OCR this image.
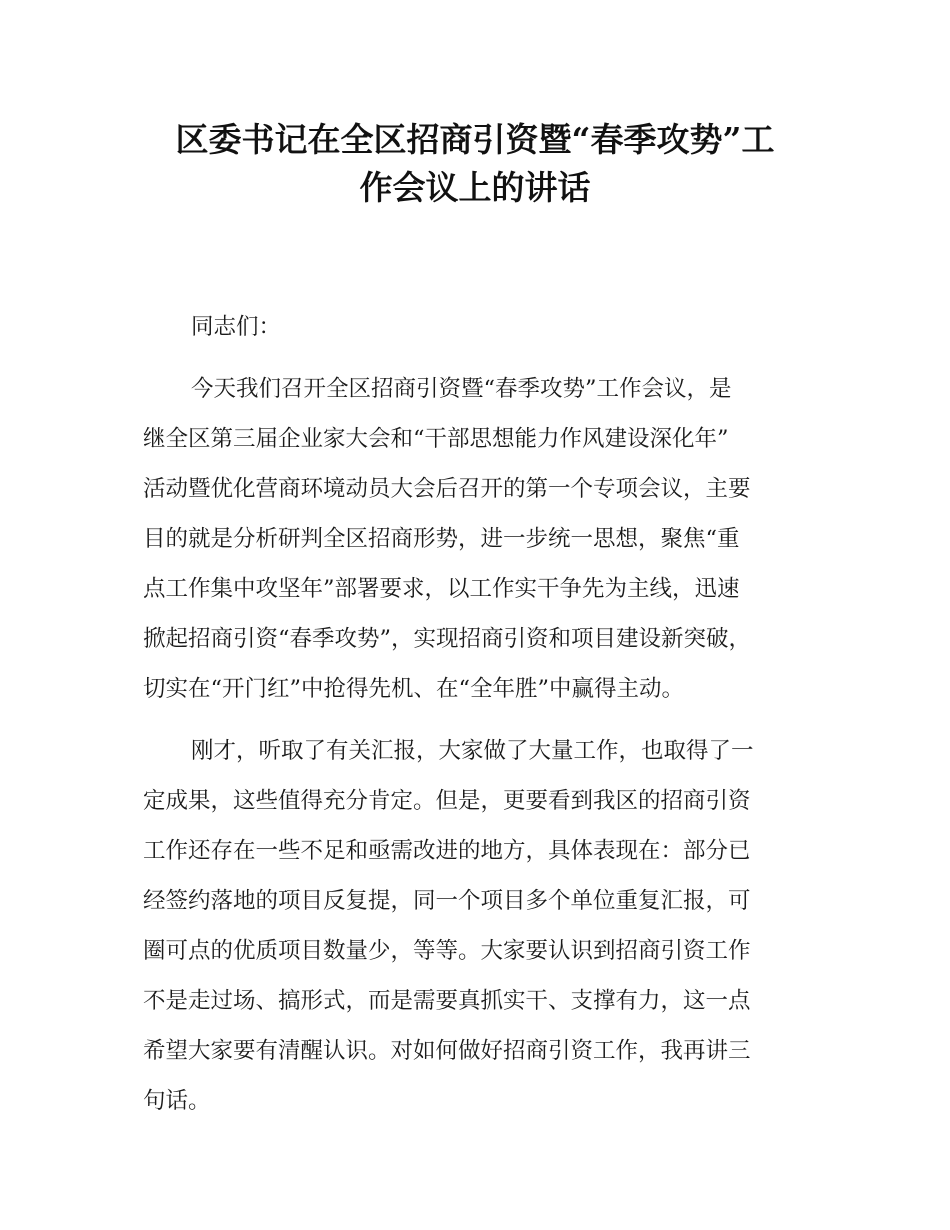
区委书记在全区招商引资暨“春季攻势”工
作会议上的讲话
同志们：
今天我们召开全区招商引资暨“春季攻势”工作会议，是
继全区第三届企业家大会和“干部思想能力作风建设深化年”
活动暨优化营商环境动员大会后召开的第一个专项会议，主要
目的就是分析研判全区招商形势，进一步统一思想，聚焦“重
点工作集中攻坚年”部署要求，以工作实干争先为主线，迅速
掀起招商引资“春季攻势”，实现招商引资和项目建设新突破，
切实在“开门红”中抢得先机、在“全年胜”中赢得主动。
刚才，听取了有关汇报，大家做了大量工作，也取得了一
定成果，这些值得充分肯定。但是，更要看到我区的招商引资
工作还存在一些不足和亟需改进的地方，具体表现在：部分已
经签约落地的项目反复提，同一个项目多个单位重复汇报，可
圈可点的优质项目数量少，等等。大家要认识到招商引资工作
不是走过场、搞形式，而是需要真抓实干、支撑有力，这一点
希望大家要有清醒认识。对如何做好招商引资工作，我再讲三
句话。
